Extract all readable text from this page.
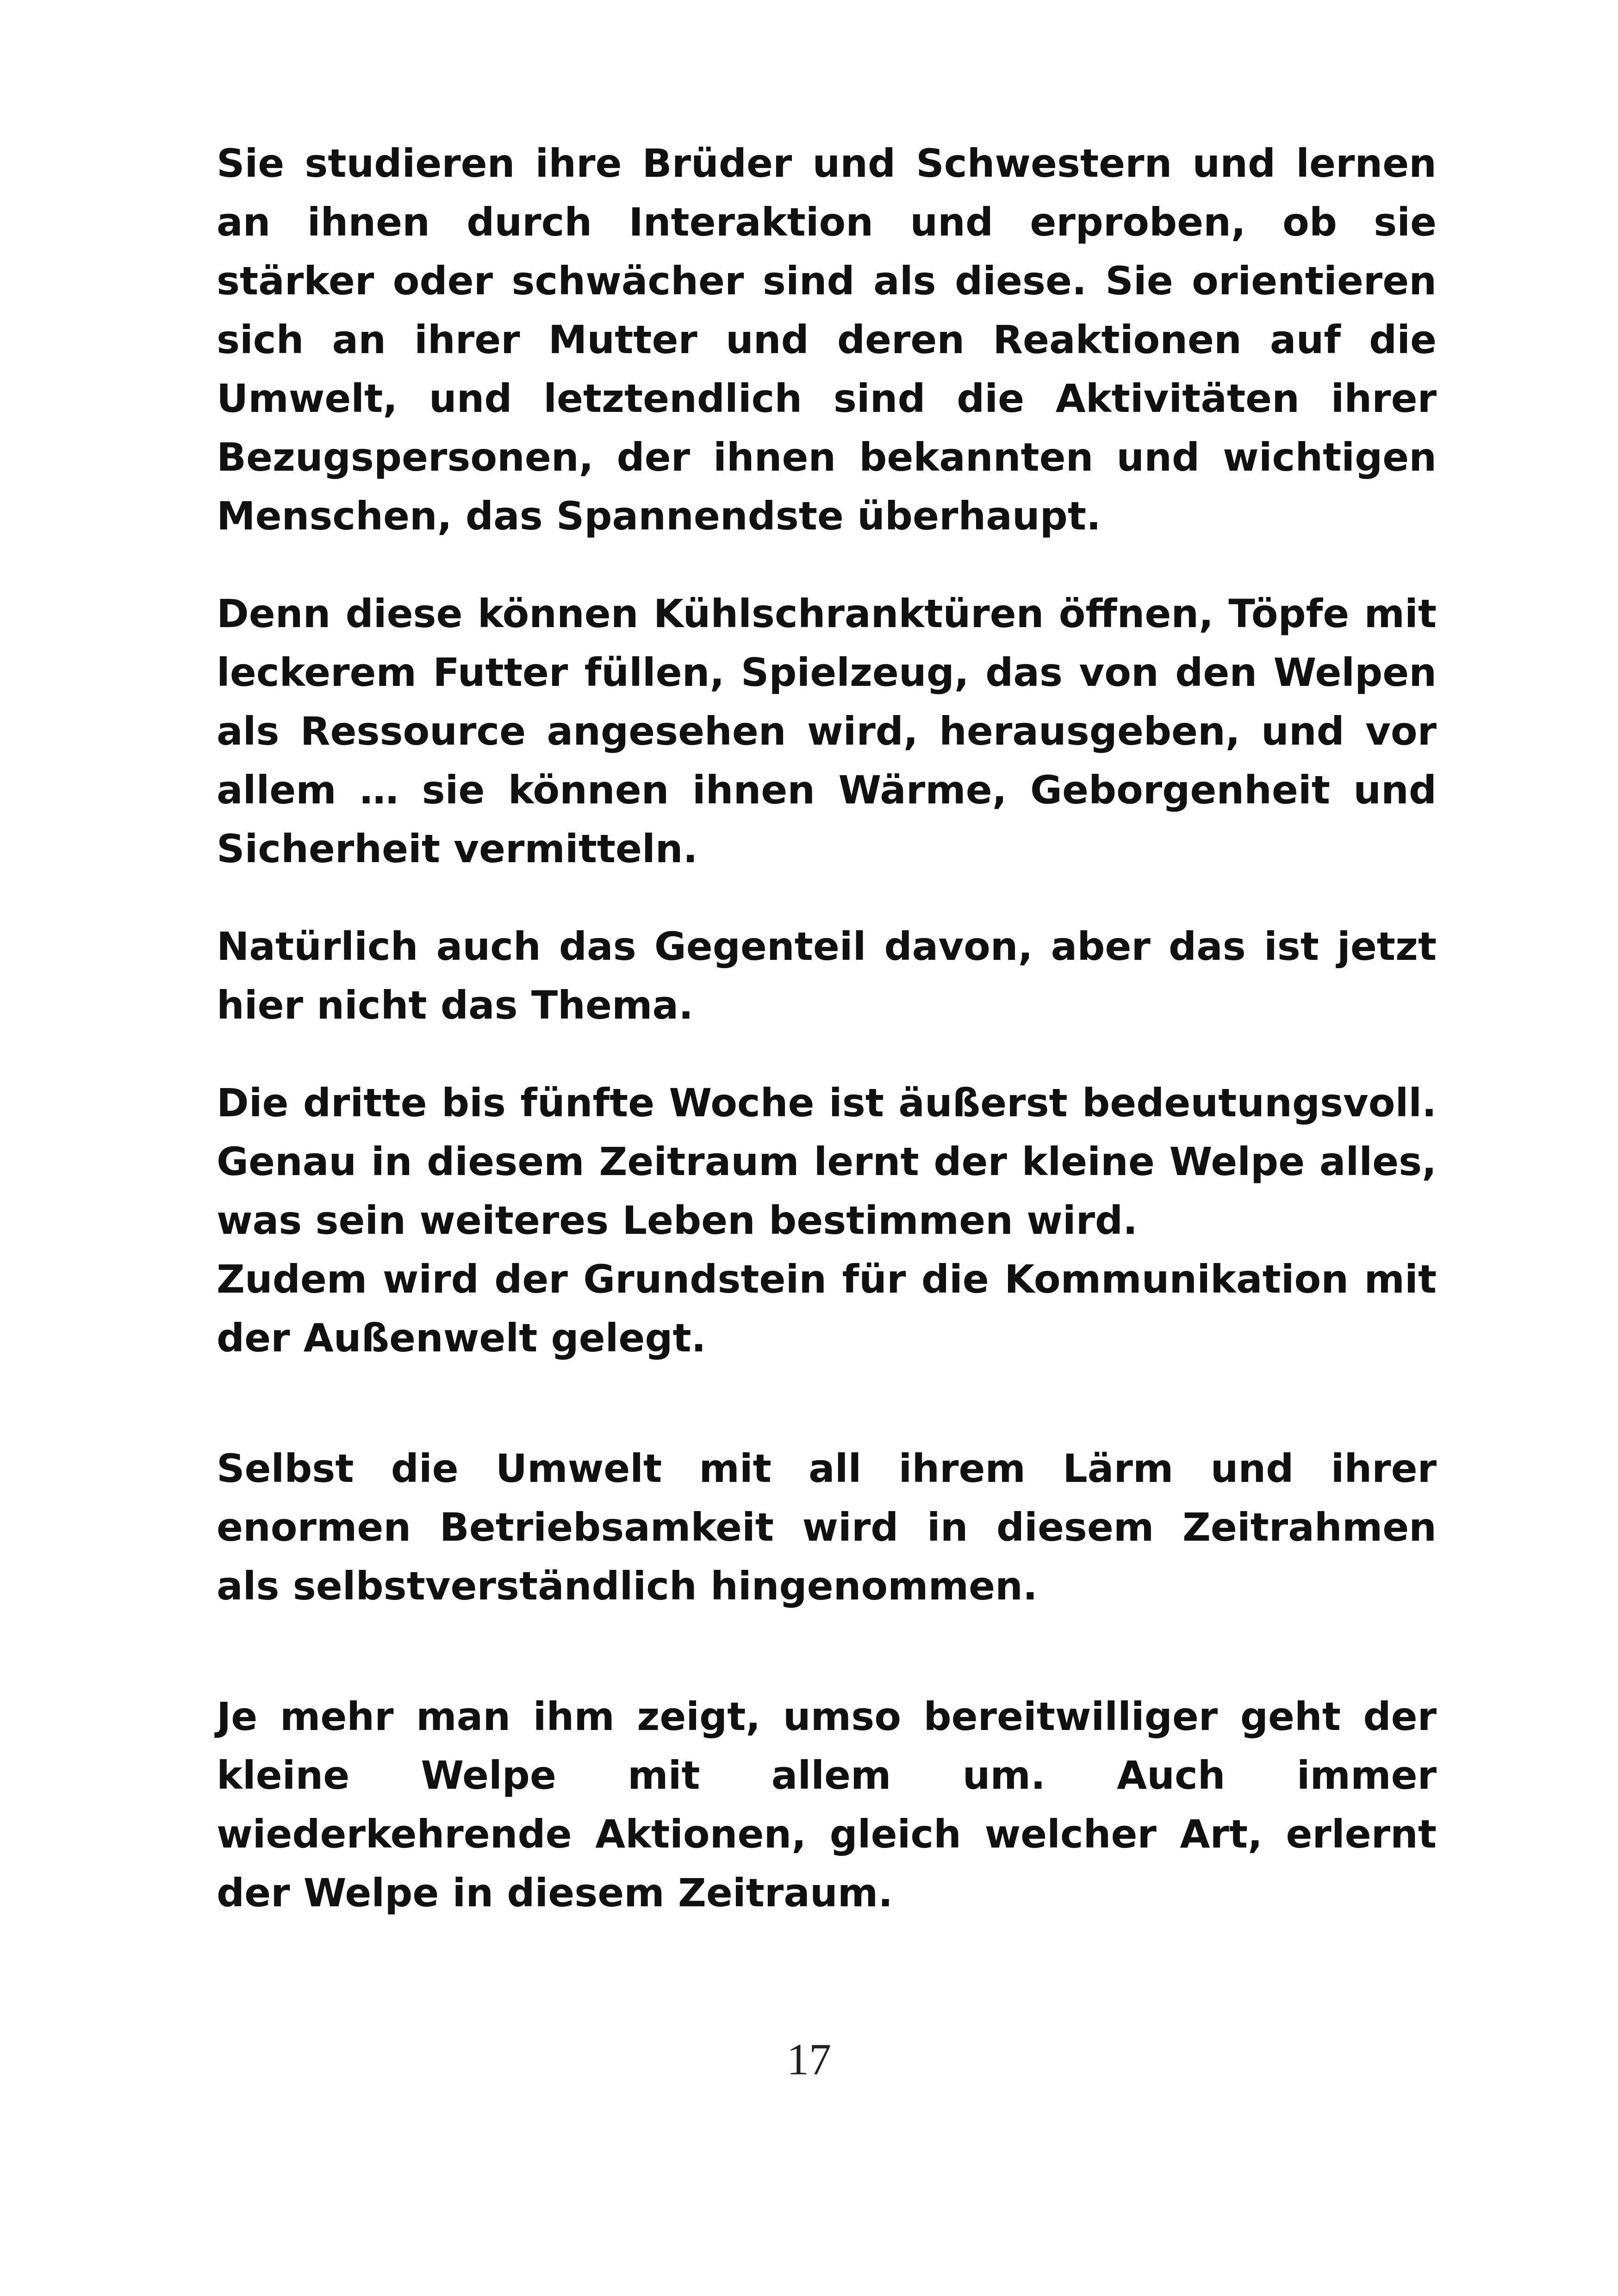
Sie studieren ihre Brüder und Schwestern und lernen an ihnen durch Interaktion und erproben, ob sie stärker oder schwächer sind als diese. Sie orientieren sich an ihrer Mutter und deren Reaktionen auf die Umwelt, und letztendlich sind die Aktivitäten ihrer Bezugspersonen, der ihnen bekannten und wichtigen Menschen, das Spannendste überhaupt.

Denn diese können Kühlschranktüren öffnen, Töpfe mit leckerem Futter füllen, Spielzeug, das von den Welpen als Ressource angesehen wird, herausgeben, und vor allem … sie können ihnen Wärme, Geborgenheit und Sicherheit vermitteln.

Natürlich auch das Gegenteil davon, aber das ist jetzt hier nicht das Thema.

Die dritte bis fünfte Woche ist äußerst bedeutungsvoll. Genau in diesem Zeitraum lernt der kleine Welpe alles, was sein weiteres Leben bestimmen wird.

Zudem wird der Grundstein für die Kommunikation mit der Außenwelt gelegt.

Selbst die Umwelt mit all ihrem Lärm und ihrer enormen Betriebsamkeit wird in diesem Zeitrahmen als selbstverständlich hingenommen.

Je mehr man ihm zeigt, umso bereitwilliger geht der kleine Welpe mit allem um. Auch immer wiederkehrende Aktionen, gleich welcher Art, erlernt der Welpe in diesem Zeitraum.

17
